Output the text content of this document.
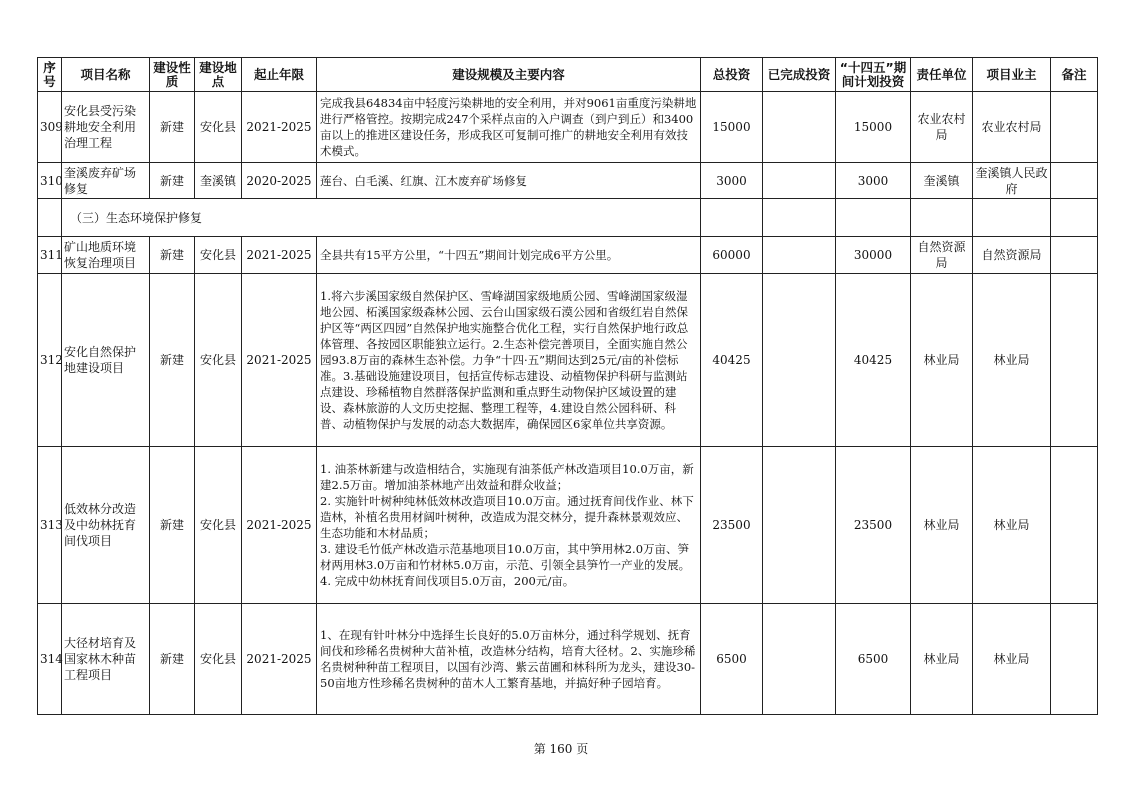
序号	项目名称	建设性质	建设地点	起止年限	建设规模及主要内容	总投资	已完成投资	“十四五”期间计划投资	责任单位	项目业主	备注
309	安化县受污染耕地安全利用治理工程	新建	安化县	2021-2025	完成我县64834亩中轻度污染耕地的安全利用，并对9061亩重度污染耕地进行严格管控。按期完成247个采样点亩的入户调查（到户到丘）和3400亩以上的推进区建设任务，形成我区可复制可推广的耕地安全利用有效技术模式。	15000		15000	农业农村局	农业农村局	
310	奎溪废弃矿场修复	新建	奎溪镇	2020-2025	莲台、白毛溪、红旗、江木废弃矿场修复	3000		3000	奎溪镇	奎溪镇人民政府	
	（三）生态环境保护修复										
311	矿山地质环境恢复治理项目	新建	安化县	2021-2025	全县共有15平方公里，“十四五”期间计划完成6平方公里。	60000		30000	自然资源局	自然资源局	
312	安化自然保护地建设项目	新建	安化县	2021-2025	1.将六步溪国家级自然保护区、雪峰湖国家级地质公园、雪峰湖国家级湿地公园、柘溪国家级森林公园、云台山国家级石漠公园和省级红岩自然保护区等“两区四园”自然保护地实施整合优化工程，实行自然保护地行政总体管理、各按园区职能独立运行。2.生态补偿完善项目，全面实施自然公园93.8万亩的森林生态补偿。力争“十四·五”期间达到25元/亩的补偿标准。3.基础设施建设项目，包括宣传标志建设、动植物保护科研与监测站点建设、珍稀植物自然群落保护监测和重点野生动物保护区域设置的建设、森林旅游的人文历史挖掘、整理工程等，4.建设自然公园科研、科普、动植物保护与发展的动态大数据库，确保园区6家单位共享资源。	40425		40425	林业局	林业局	
313	低效林分改造及中幼林抚育间伐项目	新建	安化县	2021-2025	1. 油茶林新建与改造相结合，实施现有油茶低产林改造项目10.0万亩，新建2.5万亩。增加油茶林地产出效益和群众收益；
2. 实施针叶树种纯林低效林改造项目10.0万亩。通过抚育间伐作业、林下造林，补植名贵用材阔叶树种，改造成为混交林分，提升森林景观效应、生态功能和木材品质；
3. 建设毛竹低产林改造示范基地项目10.0万亩，其中笋用林2.0万亩、笋材两用林3.0万亩和竹材林5.0万亩，示范、引领全县笋竹一产业的发展。
4. 完成中幼林抚育间伐项目5.0万亩，200元/亩。	23500		23500	林业局	林业局	
314	大径材培育及国家林木种苗工程项目	新建	安化县	2021-2025	1、在现有针叶林分中选择生长良好的5.0万亩林分，通过科学规划、抚育间伐和珍稀名贵树种大苗补植，改造林分结构，培育大径材。2、实施珍稀名贵树种种苗工程项目，以国有沙湾、紫云苗圃和林科所为龙头，建设30-50亩地方性珍稀名贵树种的苗木人工繁育基地，并搞好种子园培育。	6500		6500	林业局	林业局	
第 160 页
